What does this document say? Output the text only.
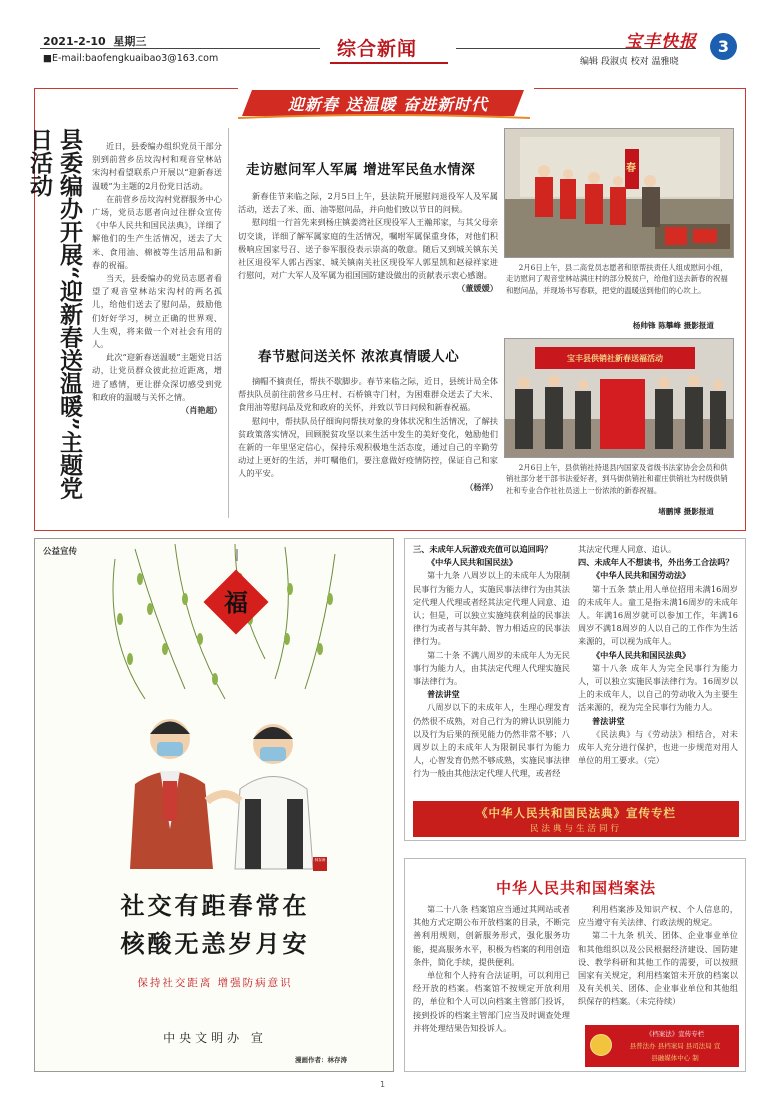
2021-2-10 星期三
■E-mail:baofengkuaibao3@163.com	综合新闻	宝丰快报	3
编辑 段淑贞 校对 温雅晓
迎新春 送温暖 奋进新时代
县委编办开展“迎新春送温暖”主题党日活动	近日，县委编办组织党员干部分别到前营乡岳坟沟村和观音堂林站宋沟村看望联系户开展以“迎新春送温暖”为主题的2月份党日活动。

在前营乡岳坟沟村党群服务中心广场，党员志愿者向过往群众宣传《中华人民共和国民法典》，详细了解他们的生产生活情况，送去了大米、食用油、棉被等生活用品和新春的祝福。

当天，县委编办的党员志愿者看望了观音堂林站宋沟村的两名孤儿，给他们送去了慰问品，鼓励他们好好学习，树立正确的世界观、人生观，将来做一个对社会有用的人。

此次“迎新春送温暖”主题党日活动，让党员群众彼此拉近距离，增进了感情，更让群众深切感受到党和政府的温暖与关怀之情。

（肖艳超）
走访慰问军人军属 增进军民鱼水情深

新春佳节来临之际，2月5日上午，县法院开展慰问退役军人及军属活动，送去了米、面、油等慰问品，并向他们致以节日的问候。

慰问组一行首先来到杨庄镇姜湾社区现役军人王瀚邦家，与其父母亲切交谈，详细了解军属家庭的生活情况，嘱咐军属保重身体，对他们积极响应国家号召、送子参军服役表示崇高的敬意。随后又到城关镇东关社区退役军人郭占西家、城关镇南关社区现役军人郭星凯和赵禄祥家进行慰问，对广大军人及军属为祖国国防建设做出的贡献表示衷心感谢。

（董媛媛）
春节慰问送关怀 浓浓真情暖人心

摘帽不摘责任，帮扶不歇脚步。春节来临之际，近日，县统计局全体帮扶队员前往前营乡马庄村、石桥镇寺门村，为困难群众送去了大米、食用油等慰问品及党和政府的关怀，并致以节日问候和新春祝福。

慰问中，帮扶队员仔细询问帮扶对象的身体状况和生活情况，了解扶贫政策落实情况，回顾脱贫攻坚以来生活中发生的美好变化，勉励他们在新的一年里坚定信心，保持乐观积极地生活态度，通过自己的辛勤劳动过上更好的生活，并叮嘱他们，要注意做好疫情防控，保证自己和家人的平安。

（杨洋）
春
2月6日上午，县二高党员志愿者和原帮扶责任人组成慰问小组，走访慰问了观音堂林站满庄村的部分脱贫户，给他们送去新春的祝福和慰问品，并现场书写春联，把党的温暖送到他们的心坎上。
杨帅锋 陈攀峰 摄影报道
宝丰县供销社新春送福活动
2月6日上午，县供销社持退县内国家及省级书法家协会会员和供销社部分老干部书法爱好者，到马街供销社和翟庄供销社为村级供销社和专业合作社社员送上一份浓浓的新春祝福。
堵鹏博 摄影报道
公益宣传
福
林存涛
社交有距春常在
核酸无恙岁月安
保持社交距离 增强防病意识
中央文明办 宣
漫画作者：林存涛
三、未成年人玩游戏充值可以追回吗？

《中华人民共和国民法》

第十九条 八周岁以上的未成年人为限制民事行为能力人，实施民事法律行为由其法定代理人代理或者经其法定代理人同意、追认；但是，可以独立实施纯获利益的民事法律行为或者与其年龄、智力相适应的民事法律行为。

第二十条 不满八周岁的未成年人为无民事行为能力人，由其法定代理人代理实施民事法律行为。

普法讲堂

八周岁以下的未成年人，生理心理发育仍然很不成熟，对自己行为的辨认识别能力以及行为后果的预见能力仍然非常不够；八周岁以上的未成年人为限制民事行为能力人，心智发育仍然不够成熟，实施民事法律行为一般由其他法定代理人代理，或者经

其法定代理人同意、追认。
四、未成年人不想读书，外出务工合法吗？

《中华人民共和国劳动法》

第十五条 禁止用人单位招用未满16周岁的未成年人。童工是指未满16周岁的未成年人。年满16周岁就可以参加工作，年满16周岁不满18周岁的人以自己的工作作为生活来源的，可以视为成年人。

《中华人民共和国民法典》

第十八条 成年人为完全民事行为能力人，可以独立实施民事法律行为。16周岁以上的未成年人，以自己的劳动收入为主要生活来源的，视为完全民事行为能力人。

普法讲堂

《民法典》与《劳动法》相结合，对未成年人充分进行保护，也进一步规范对用人单位的用工要求。（完）

《中华人民共和国民法典》宣传专栏
民法典与生活同行
中华人民共和国档案法

第二十八条 档案馆应当通过其网站或者其他方式定期公布开放档案的目录，不断完善利用规则，创新服务形式，强化服务功能，提高服务水平，积极为档案的利用创造条件，简化手续，提供便利。

单位和个人持有合法证明，可以利用已经开放的档案。档案馆不按规定开放利用的，单位和个人可以向档案主管部门投诉，接到投诉的档案主管部门应当及时调查处理并将处理结果告知投诉人。

利用档案涉及知识产权、个人信息的，应当遵守有关法律、行政法规的规定。

第二十九条 机关、团体、企业事业单位和其他组织以及公民根据经济建设、国防建设、教学科研和其他工作的需要，可以按照国家有关规定，利用档案馆未开放的档案以及有关机关、团体、企业事业单位和其他组织保存的档案。（未完待续）

《档案法》宣传专栏
县普法办 县档案局 县司法局 宣
县融媒体中心 制
1
